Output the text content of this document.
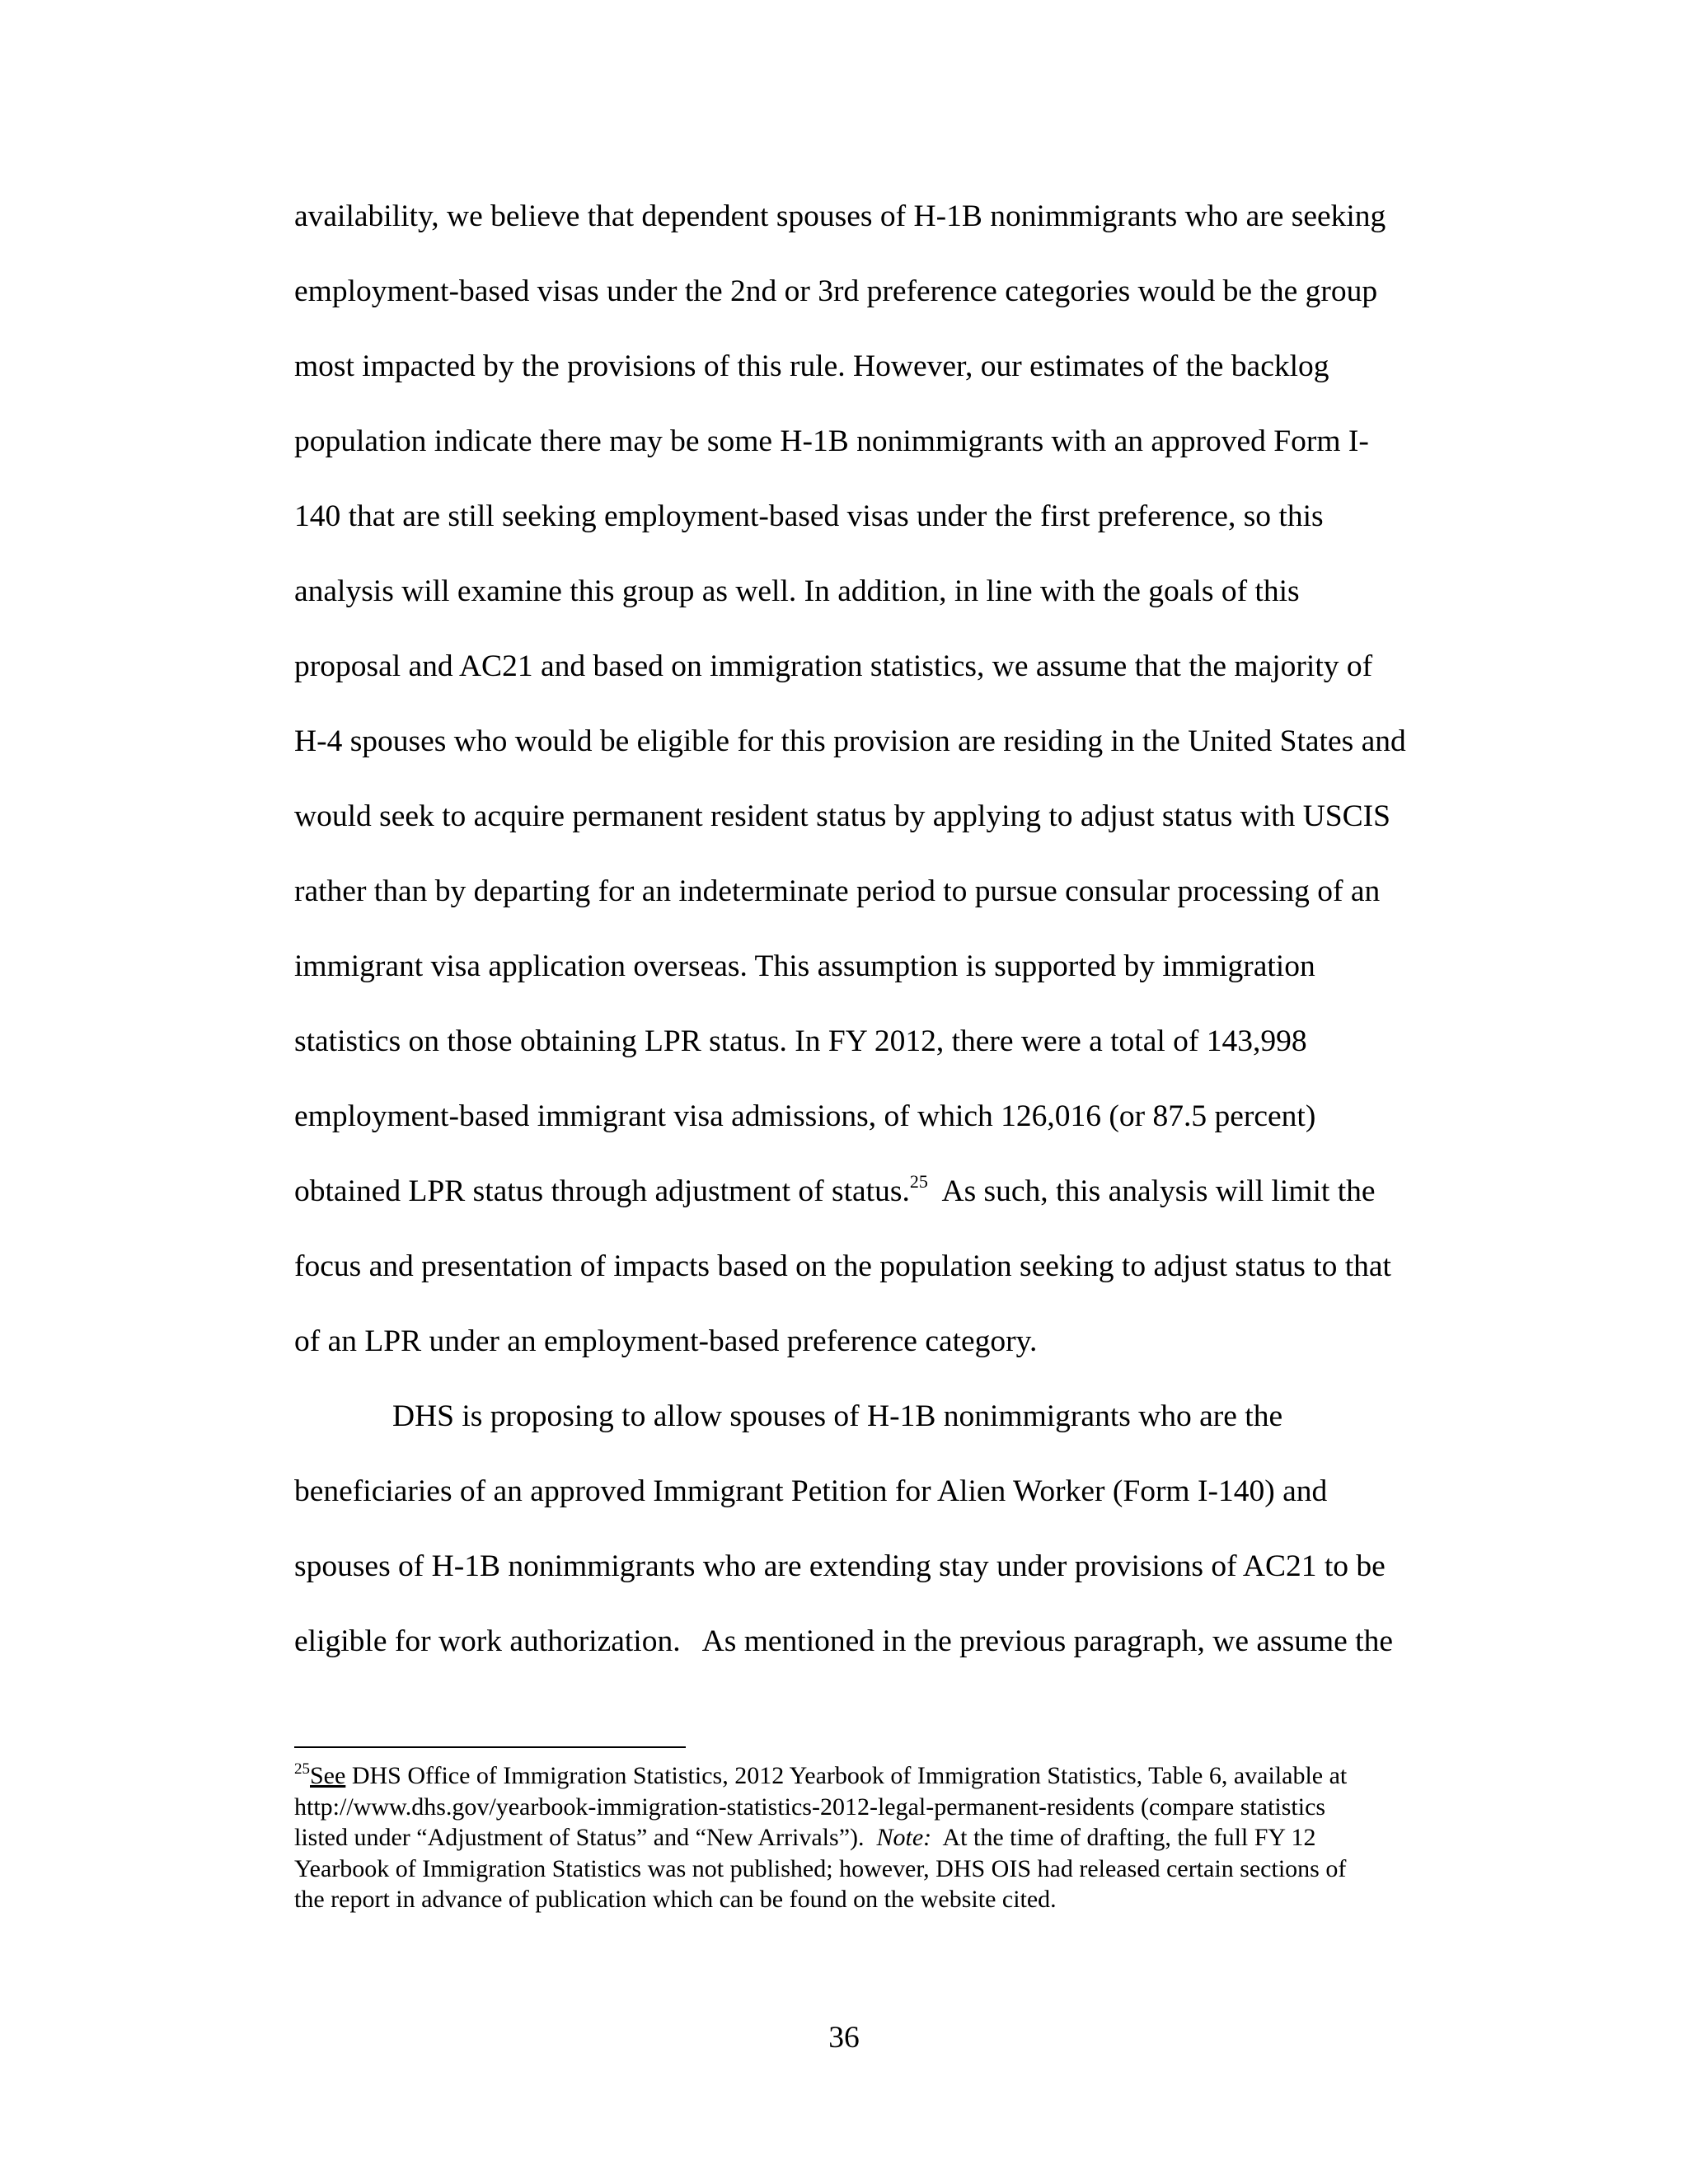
availability, we believe that dependent spouses of H-1B nonimmigrants who are seeking
employment-based visas under the 2nd or 3rd preference categories would be the group
most impacted by the provisions of this rule. However, our estimates of the backlog
population indicate there may be some H-1B nonimmigrants with an approved Form I-
140 that are still seeking employment-based visas under the first preference, so this
analysis will examine this group as well. In addition, in line with the goals of this
proposal and AC21 and based on immigration statistics, we assume that the majority of
H-4 spouses who would be eligible for this provision are residing in the United States and
would seek to acquire permanent resident status by applying to adjust status with USCIS
rather than by departing for an indeterminate period to pursue consular processing of an
immigrant visa application overseas. This assumption is supported by immigration
statistics on those obtaining LPR status. In FY 2012, there were a total of 143,998
employment-based immigrant visa admissions, of which 126,016 (or 87.5 percent)
obtained LPR status through adjustment of status.$^{25}$  As such, this analysis will limit the
focus and presentation of impacts based on the population seeking to adjust status to that
of an LPR under an employment-based preference category.
DHS is proposing to allow spouses of H-1B nonimmigrants who are the
beneficiaries of an approved Immigrant Petition for Alien Worker (Form I-140) and
spouses of H-1B nonimmigrants who are extending stay under provisions of AC21 to be
eligible for work authorization.   As mentioned in the previous paragraph, we assume the
$^{25}$See DHS Office of Immigration Statistics, 2012 Yearbook of Immigration Statistics, Table 6, available at
http://www.dhs.gov/yearbook-immigration-statistics-2012-legal-permanent-residents (compare statistics
listed under “Adjustment of Status” and “New Arrivals”).  Note:  At the time of drafting, the full FY 12
Yearbook of Immigration Statistics was not published; however, DHS OIS had released certain sections of
the report in advance of publication which can be found on the website cited.
36
